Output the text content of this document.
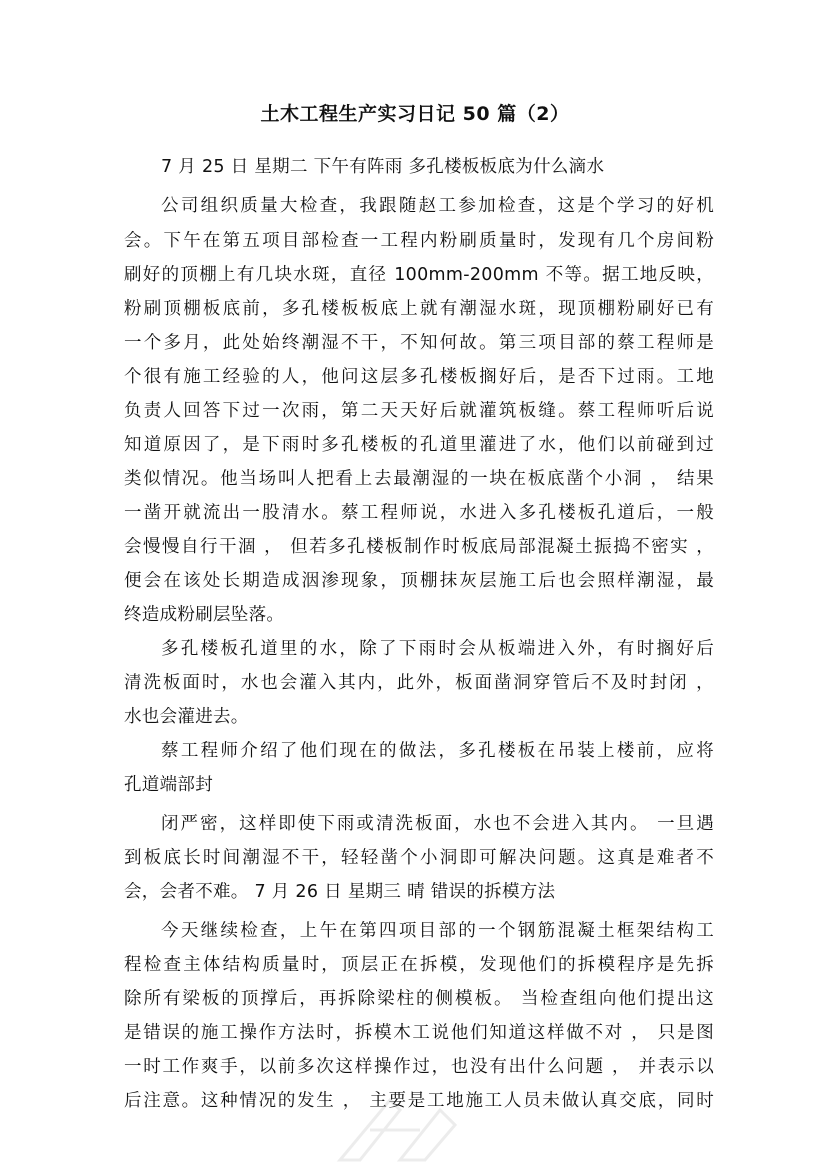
土木工程生产实习日记 50 篇（2）
7 月 25 日 星期二 下午有阵雨 多孔楼板板底为什么滴水
公司组织质量大检查，我跟随赵工参加检查，这是个学习的好机
会。下午在第五项目部检查一工程内粉刷质量时，发现有几个房间粉
刷好的顶棚上有几块水斑，直径 100mm-200mm 不等。据工地反映，
粉刷顶棚板底前，多孔楼板板底上就有潮湿水斑，现顶棚粉刷好已有
一个多月，此处始终潮湿不干，不知何故。第三项目部的蔡工程师是
个很有施工经验的人，他问这层多孔楼板搁好后，是否下过雨。工地
负责人回答下过一次雨，第二天天好后就灌筑板缝。蔡工程师听后说
知道原因了，是下雨时多孔楼板的孔道里灌进了水，他们以前碰到过
类似情况。他当场叫人把看上去最潮湿的一块在板底凿个小洞 ， 结果
一凿开就流出一股清水。蔡工程师说，水进入多孔楼板孔道后，一般
会慢慢自行干涸 ， 但若多孔楼板制作时板底局部混凝土振捣不密实 ，
便会在该处长期造成洇渗现象，顶棚抹灰层施工后也会照样潮湿，最
终造成粉刷层坠落。
多孔楼板孔道里的水，除了下雨时会从板端进入外，有时搁好后
清洗板面时，水也会灌入其内，此外，板面凿洞穿管后不及时封闭 ，
水也会灌进去。
蔡工程师介绍了他们现在的做法，多孔楼板在吊装上楼前，应将
孔道端部封
闭严密，这样即使下雨或清洗板面，水也不会进入其内。 一旦遇
到板底长时间潮湿不干，轻轻凿个小洞即可解决问题。这真是难者不
会，会者不难。 7 月 26 日 星期三 晴 错误的拆模方法
今天继续检查，上午在第四项目部的一个钢筋混凝土框架结构工
程检查主体结构质量时，顶层正在拆模，发现他们的拆模程序是先拆
除所有梁板的顶撑后，再拆除梁柱的侧模板。 当检查组向他们提出这
是错误的施工操作方法时，拆模木工说他们知道这样做不对 ， 只是图
一时工作爽手，以前多次这样操作过，也没有出什么问题 ， 并表示以
后注意。这种情况的发生 ， 主要是工地施工人员未做认真交底，同时
